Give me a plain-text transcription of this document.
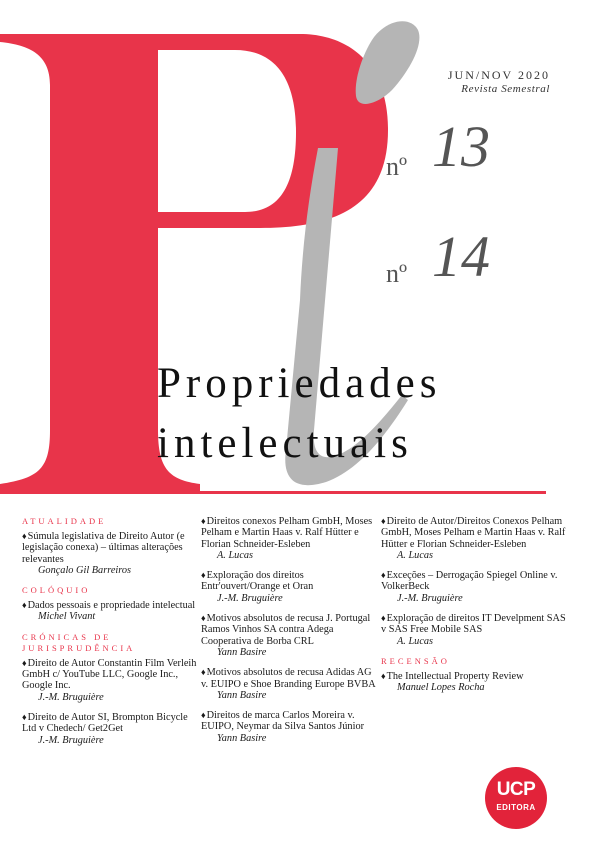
JUN/NOV 2020
Revista Semestral
nº 13
nº 14
Propriedades
intelectuais
ATUALIDADE
♦ Súmula legislativa de Direito Autor (e legislação conexa) – últimas alterações relevantes
Gonçalo Gil Barreiros
COLÓQUIO
♦ Dados pessoais e propriedade intelectual
Michel Vivant
CRÓNICAS DE JURISPRUDÊNCIA
♦ Direito de Autor Constantin Film Verleih GmbH c/ YouTube LLC, Google Inc., Google Inc.
J.-M. Bruguière
♦ Direito de Autor SI, Brompton Bicycle Ltd v Chedech/ Get2Get
J.-M. Bruguière
♦ Direitos conexos Pelham GmbH, Moses Pelham e Martin Haas v. Ralf Hütter e Florian Schneider-Esleben
A. Lucas
♦ Exploração dos direitos Entr'ouvert/Orange et Oran
J.-M. Bruguière
♦ Motivos absolutos de recusa J. Portugal Ramos Vinhos SA contra Adega Cooperativa de Borba CRL
Yann Basire
♦ Motivos absolutos de recusa Adidas AG v. EUIPO e Shoe Branding Europe BVBA
Yann Basire
♦ Direitos de marca Carlos Moreira v. EUIPO, Neymar da Silva Santos Júnior
Yann Basire
♦ Direito de Autor/Direitos Conexos Pelham GmbH, Moses Pelham e Martin Haas v. Ralf Hütter e Florian Schneider-Esleben
A. Lucas
♦ Exceções – Derrogação Spiegel Online v. VolkerBeck
J.-M. Bruguière
♦ Exploração de direitos IT Develpment SAS v SAS Free Mobile SAS
A. Lucas
RECENSÃO
♦ The Intellectual Property Review
Manuel Lopes Rocha
UCP
EDITORA
